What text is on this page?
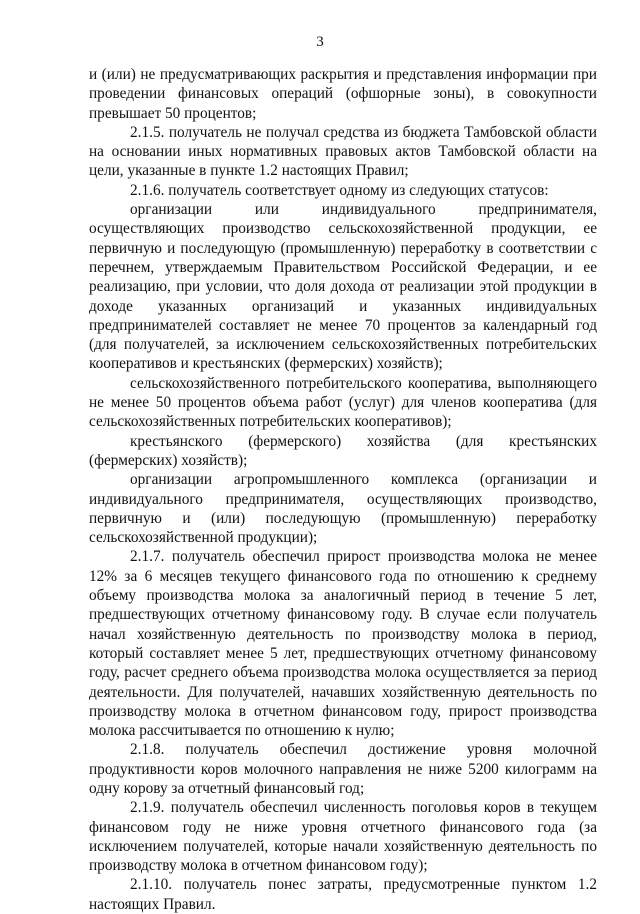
3

и (или) не предусматривающих раскрытия и представления информации при проведении финансовых операций (офшорные зоны), в совокупности превышает 50 процентов;

2.1.5. получатель не получал средства из бюджета Тамбовской области на основании иных нормативных правовых актов Тамбовской области на цели, указанные в пункте 1.2 настоящих Правил;

2.1.6. получатель соответствует одному из следующих статусов:

организации или индивидуального предпринимателя, осуществляющих производство сельскохозяйственной продукции, ее первичную и последующую (промышленную) переработку в соответствии с перечнем, утверждаемым Правительством Российской Федерации, и ее реализацию, при условии, что доля дохода от реализации этой продукции в доходе указанных организаций и указанных индивидуальных предпринимателей составляет не менее 70 процентов за календарный год (для получателей, за исключением сельскохозяйственных потребительских кооперативов и крестьянских (фермерских) хозяйств);

сельскохозяйственного потребительского кооператива, выполняющего не менее 50 процентов объема работ (услуг) для членов кооператива (для сельскохозяйственных потребительских кооперативов);

крестьянского (фермерского) хозяйства (для крестьянских (фермерских) хозяйств);

организации агропромышленного комплекса (организации и индивидуального предпринимателя, осуществляющих производство, первичную и (или) последующую (промышленную) переработку сельскохозяйственной продукции);

2.1.7. получатель обеспечил прирост производства молока не менее 12% за 6 месяцев текущего финансового года по отношению к среднему объему производства молока за аналогичный период в течение 5 лет, предшествующих отчетному финансовому году. В случае если получатель начал хозяйственную деятельность по производству молока в период, который составляет менее 5 лет, предшествующих отчетному финансовому году, расчет среднего объема производства молока осуществляется за период деятельности. Для получателей, начавших хозяйственную деятельность по производству молока в отчетном финансовом году, прирост производства молока рассчитывается по отношению к нулю;

2.1.8. получатель обеспечил достижение уровня молочной продуктивности коров молочного направления не ниже 5200 килограмм на одну корову за отчетный финансовый год;

2.1.9. получатель обеспечил численность поголовья коров в текущем финансовом году не ниже уровня отчетного финансового года (за исключением получателей, которые начали хозяйственную деятельность по производству молока в отчетном финансовом году);

2.1.10. получатель понес затраты, предусмотренные пунктом 1.2 настоящих Правил.
